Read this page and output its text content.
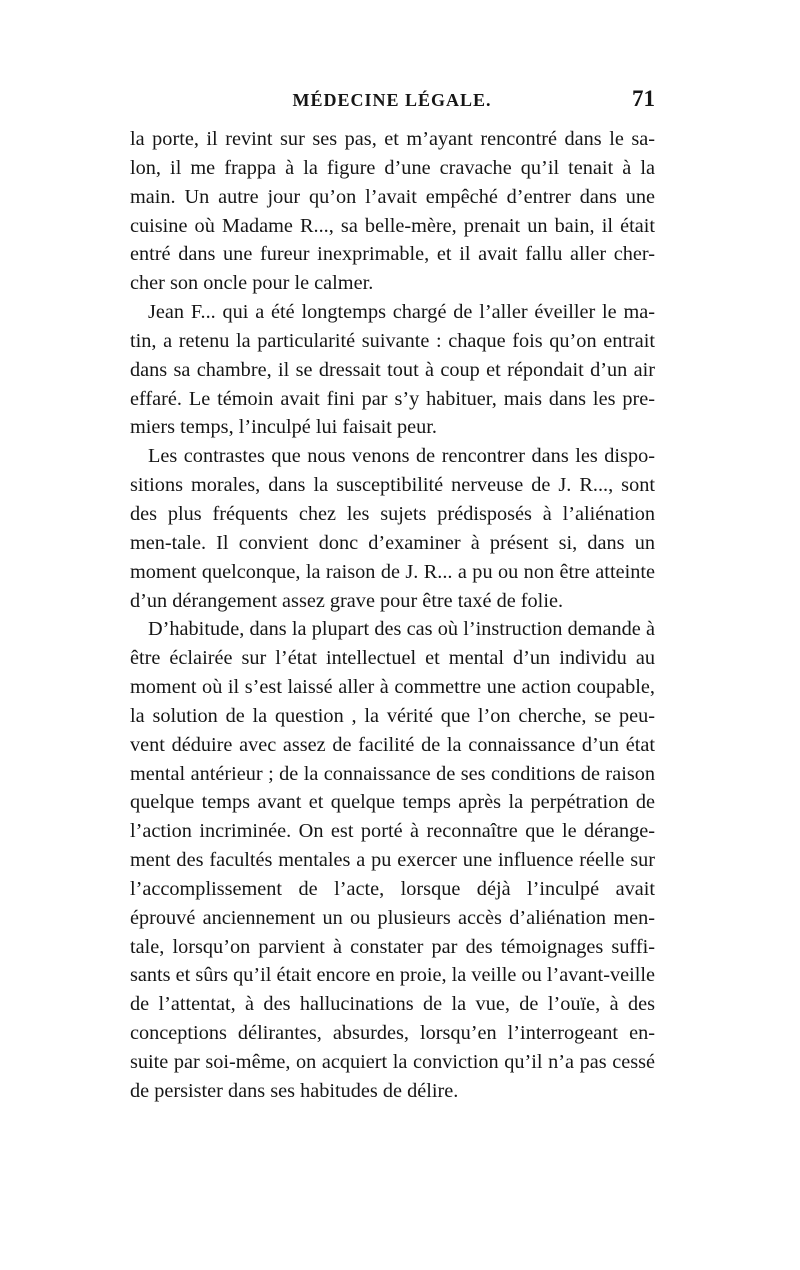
MÉDECINE LÉGALE.	71

la porte, il revint sur ses pas, et m’ayant rencontré dans le sa-lon, il me frappa à la figure d’une cravache qu’il tenait à la main. Un autre jour qu’on l’avait empêché d’entrer dans une cuisine où Madame R..., sa belle-mère, prenait un bain, il était entré dans une fureur inexprimable, et il avait fallu aller cher-cher son oncle pour le calmer.

Jean F... qui a été longtemps chargé de l’aller éveiller le ma-tin, a retenu la particularité suivante : chaque fois qu’on entrait dans sa chambre, il se dressait tout à coup et répondait d’un air effaré. Le témoin avait fini par s’y habituer, mais dans les pre-miers temps, l’inculpé lui faisait peur.

Les contrastes que nous venons de rencontrer dans les dispo-sitions morales, dans la susceptibilité nerveuse de J. R..., sont des plus fréquents chez les sujets prédisposés à l’aliénation men-tale. Il convient donc d’examiner à présent si, dans un moment quelconque, la raison de J. R... a pu ou non être atteinte d’un dérangement assez grave pour être taxé de folie.

D’habitude, dans la plupart des cas où l’instruction demande à être éclairée sur l’état intellectuel et mental d’un individu au moment où il s’est laissé aller à commettre une action coupable, la solution de la question , la vérité que l’on cherche, se peu-vent déduire avec assez de facilité de la connaissance d’un état mental antérieur ; de la connaissance de ses conditions de raison quelque temps avant et quelque temps après la perpétration de l’action incriminée. On est porté à reconnaître que le dérange-ment des facultés mentales a pu exercer une influence réelle sur l’accomplissement de l’acte, lorsque déjà l’inculpé avait éprouvé anciennement un ou plusieurs accès d’aliénation men-tale, lorsqu’on parvient à constater par des témoignages suffi-sants et sûrs qu’il était encore en proie, la veille ou l’avant-veille de l’attentat, à des hallucinations de la vue, de l’ouïe, à des conceptions délirantes, absurdes, lorsqu’en l’interrogeant en-suite par soi-même, on acquiert la conviction qu’il n’a pas cessé de persister dans ses habitudes de délire.
